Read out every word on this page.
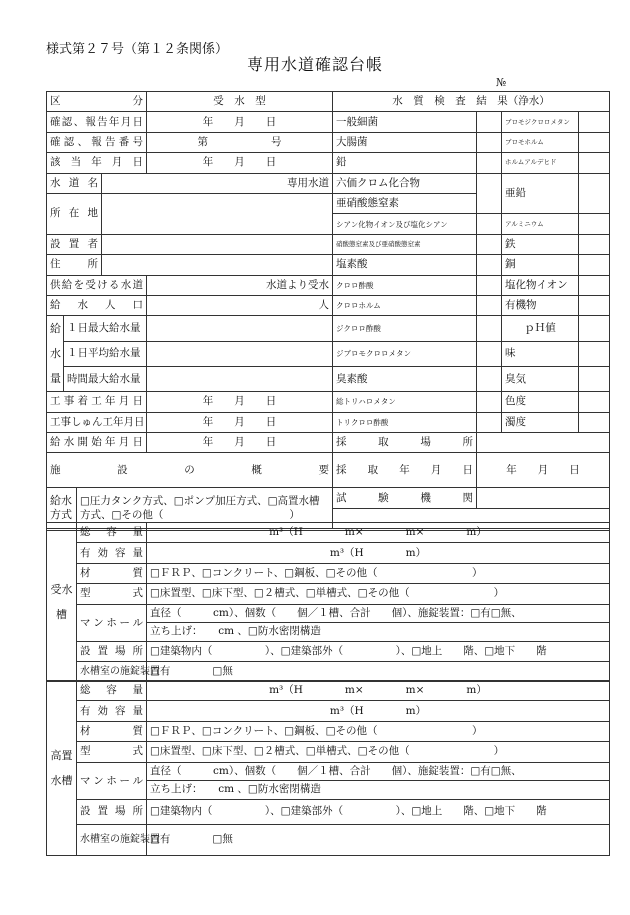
様式第２７号（第１２条関係）
専用水道確認台帳
№
区　　　　分				受　水　型	水　質　検　査　結　果（浄水）			
確認、報告年月日				年　　月　　日	一般細菌		ブロモジクロロメタン	
確認、報告番号				第　　　　　　号	大腸菌		ブロモホルム	
該当年月日				年　　月　　日	鉛		ホルムアルデヒド	
水道名			専用水道		六価クロム化合物		亜鉛	
所在地					亜硝酸態窒素			
					シアン化物イオン及び塩化シアン		アルミニウム	
設置者					硝酸態窒素及び亜硝酸態窒素		鉄	
住　所					塩素酸		銅	
供給を受ける水道				水道より受水	クロロ酢酸		塩化物イオン	
給　水　人　口				人	クロロホルム		有機物	
給水量	１日最大給水量				ジクロロ酢酸		ｐＨ値	
	１日平均給水量				ジブロモクロロメタン		味	
	時間最大給水量				臭素酸		臭気	
工事着工年月日				年　　月　　日	総トリハロメタン		色度	
工事しゅん工年月日				年　　月　　日	トリクロロ酢酸		濁度	
給水開始年月日				年　　月　　日	採　取　場　所			
施　　設　　の　　概　　要					採　取　年　月　日	年　　月　　日		
給水方式		□圧力タンク方式、□ポンプ加圧方式、□高置水槽方式、□その他（　　　　　　　　　　　　）			試　験　機　関			

受水槽	総　容　量	m³（H　　　　m×　　　　m×　　　　m）
	有効容量	m³（H　　　　m）
	材　　質	□ＦＲＰ、□コンクリート、□鋼板、□その他（　　　　　　　　　）
	型　　式	□床置型、□床下型、□２槽式、□単槽式、□その他（　　　　　　　　）
	マンホール	直径（　　　cm）、個数（　　個／１槽、合計　　個）、施錠装置：□有□無、
		立ち上げ：　　cm 、□防水密閉構造
	設置場所	□建築物内（　　　　　）、□建築部外（　　　　　）、□地上　　階、□地下　　階
	水槽室の施錠装置	□有　　　　□無
高置水槽	総　容　量	m³（H　　　　m×　　　　m×　　　　m）
	有効容量	m³（H　　　　m）
	材　　質	□ＦＲＰ、□コンクリート、□鋼板、□その他（　　　　　　　　　）
	型　　式	□床置型、□床下型、□２槽式、□単槽式、□その他（　　　　　　　　）
	マンホール	直径（　　　cm）、個数（　　個／１槽、合計　　個）、施錠装置：□有□無、
		立ち上げ：　　cm 、□防水密閉構造
	設置場所	□建築物内（　　　　　）、□建築部外（　　　　　）、□地上　　階、□地下　　階
	水槽室の施錠装置	□有　　　　□無
